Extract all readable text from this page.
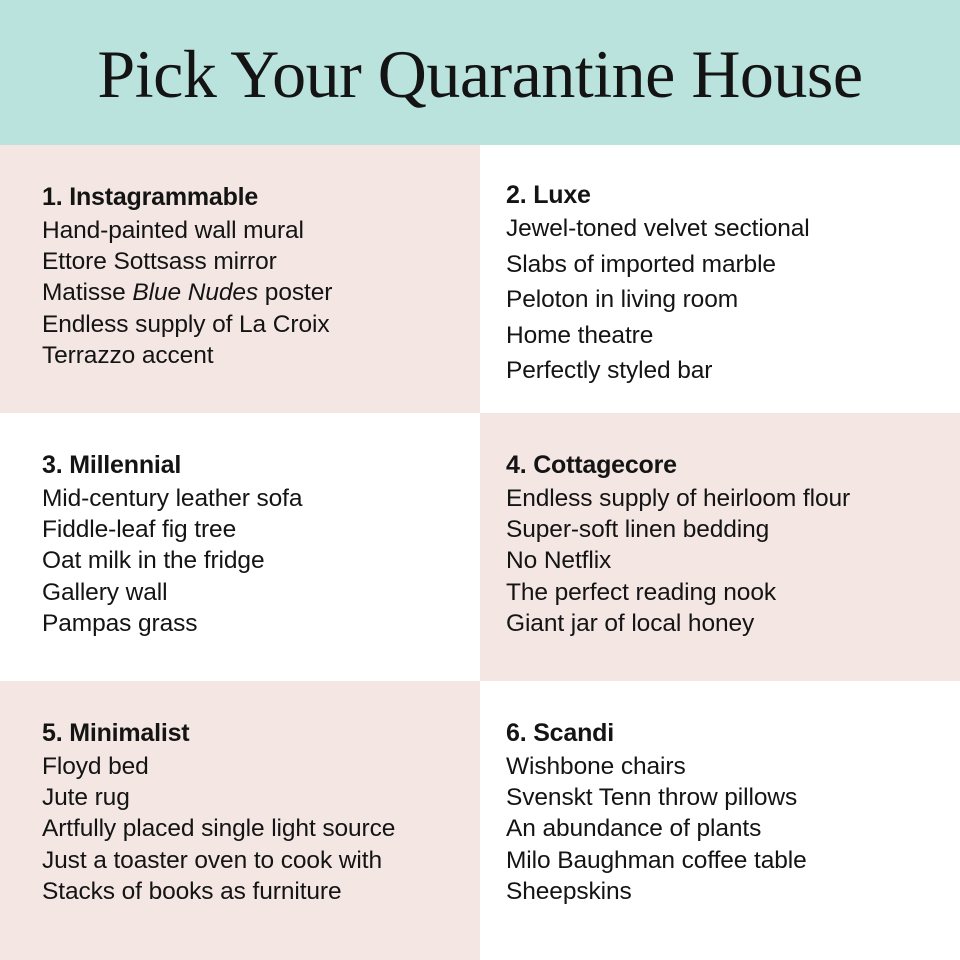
Pick Your Quarantine House
1. Instagrammable
Hand-painted wall mural
Ettore Sottsass mirror
Matisse Blue Nudes poster
Endless supply of La Croix
Terrazzo accent
2. Luxe
Jewel-toned velvet sectional
Slabs of imported marble
Peloton in living room
Home theatre
Perfectly styled bar
3. Millennial
Mid-century leather sofa
Fiddle-leaf fig tree
Oat milk in the fridge
Gallery wall
Pampas grass
4. Cottagecore
Endless supply of heirloom flour
Super-soft linen bedding
No Netflix
The perfect reading nook
Giant jar of local honey
5. Minimalist
Floyd bed
Jute rug
Artfully placed single light source
Just a toaster oven to cook with
Stacks of books as furniture
6. Scandi
Wishbone chairs
Svenskt Tenn throw pillows
An abundance of plants
Milo Baughman coffee table
Sheepskins
